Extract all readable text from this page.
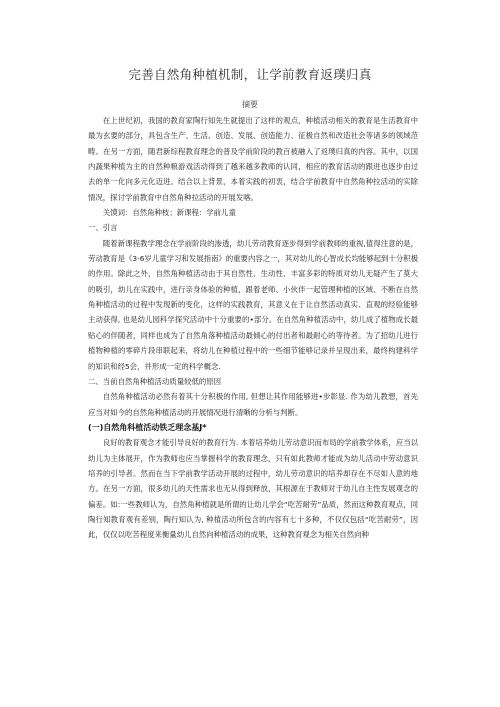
完善自然角种植机制，让学前教育返璞归真
摘要

在上世纪初，我国的教育家陶行知先生就提出了这样的观点，种植活动相关的教育是生活教育中最为玄要的部分，具包含生产、生活、创造、发展、创造能力、征极自然和改造社会等诸多的领域范畴。在另一方面，随君新综程教育理念的普及学前阶段的教百被融入了返璞归真的内容。其中，以国内蔬果种植为主的自然种粮游戏活动得到了越来越多教师的认同，相应的教育活动的跟进也逐步由过去的单一化向多元化迈进。结合以上背景，本着实践的初衷，结合学前教育中自然角种拉活动的实除情况，探讨学前教育中自然角种拉活动的开展发喀。

关馍词：自然角种枝；新课程：学前儿童

一、引言

随着新课程教学理念在学前阶段的渗透，幼儿劳动教育逐步得到学前教师的重视,值得注意的是，劳动教育是《3-6岁儿童学习和发展指南》的重要内容之一，其对幼儿的心智成长均能够起到十分积极的作用。除此之外，自然角种植活动由于其自然性、生动性、丰富多彩的特质对幼儿无疑产生了莫大的吸引，幼儿在实践中，进行亲身体验的种植，跟着老师、小伙伴一起管理种植的区域、不断在自然角种植活动的过程中发现新的变化，这样的实践教育，其意义在于让自然活动真实、直观的经验能够主动获得, 也是幼儿园科学探究活动中十分重要的•部分。在自然角种植活动中，幼儿成了植物成长最贴心的伴随者，同样也成为了自然角落种植活动最倾心的付出者和最耐心的等待者。为了招幼儿进行植物种植的零碎片段串联起来，将幼儿在种植过程中的一些细节能够记录并呈现出来，最终构建科学的知识和经5会，并形成一定的科学概念.

二、当前自然角种植活动质量较低的原因

自然角种植活动必然有着其十分积极的作用, 但想让其作用能够进•步彰显. 作为幼儿教想，首先应当对如今的自然角种植活动的开展情况进行清晰的分析与判断。

(一)自然角科植活动铁乏理念基J*

良好的教育观念才能引导良好的教育行为. 本着培养幼儿劳动意识而布局的学前教学体系，应当以幼儿为主体展开，作为教师也应当掌握科学的教育理念，只有如此教师才能成为幼儿活动中劳动意识培养的引导者。然而在当下学前教学活动开展的过程中，幼儿劳动意识的培养却存在不尽如人意的地方。在另一方面，很多幼儿的天性需求也无从得到释放，其根源在于教师对于幼儿自主性发展观念的偏差。如:一些教师认为，自然角种植就是所谓的让幼儿学会“吃苦耐劳”品质，然而这种教育观点，同陶行知教育观有差别，陶行知认为, 种植活动所包含的内容有七十多种，不仅仅包括“吃苦耐劳”，因此，仅仅以吃苦程度来衡量幼儿自然向种植活动的成果，这种教育观念为相关自然向种
